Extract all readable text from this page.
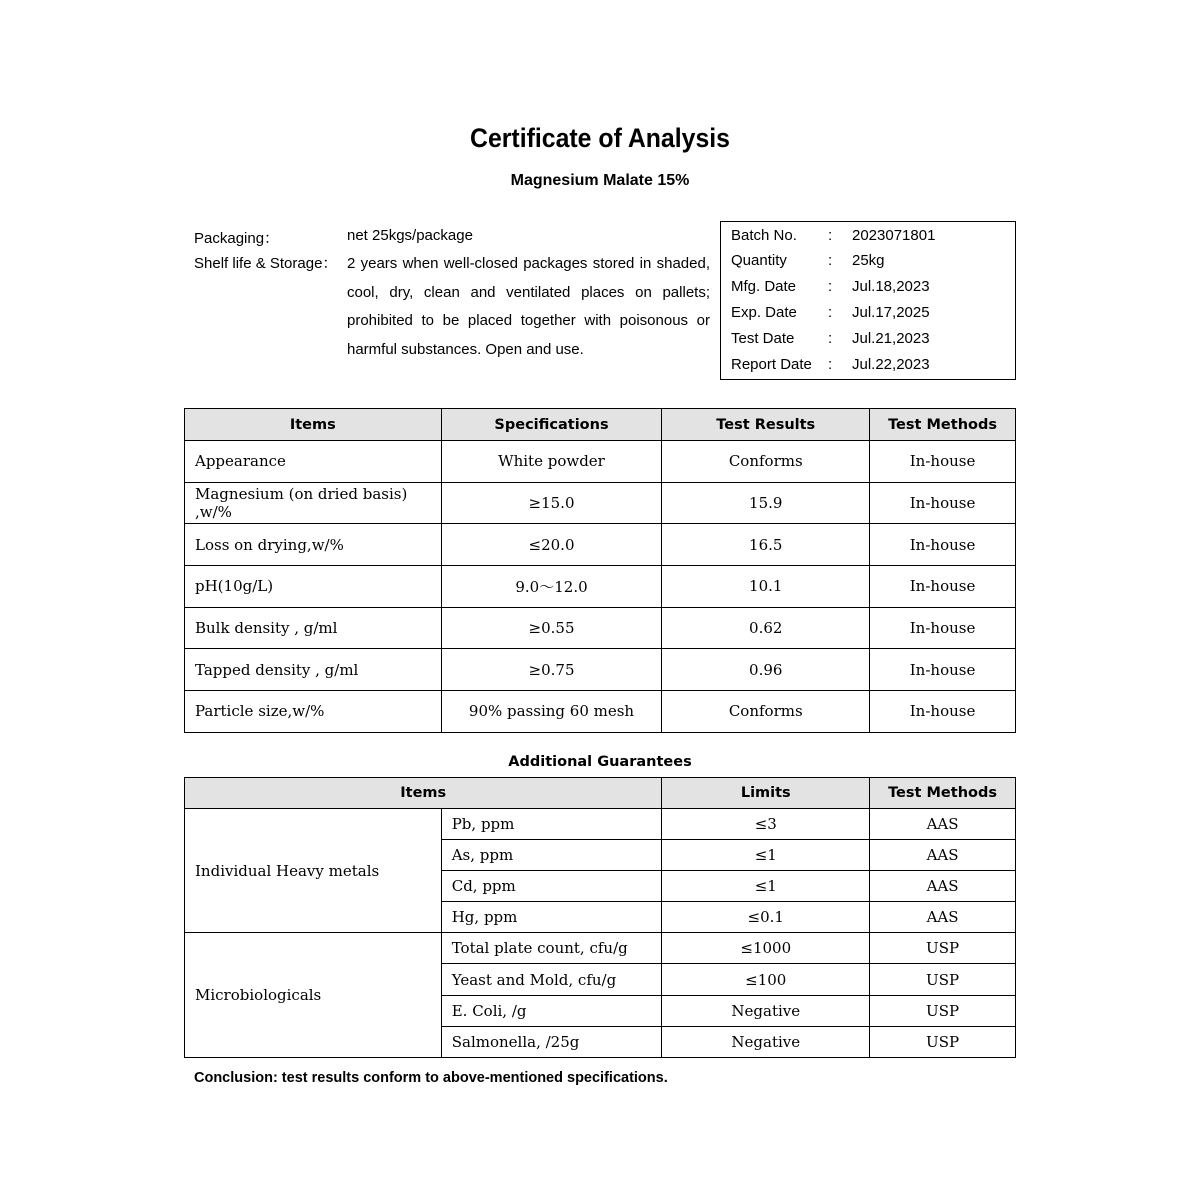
Certificate of Analysis
Magnesium Malate 15%
Packaging：	net 25kgs/package
Shelf life & Storage： 2 years when well-closed packages stored in shaded, cool, dry, clean and ventilated places on pallets; prohibited to be placed together with poisonous or harmful substances. Open and use.
Batch No. : 2023071801
Quantity	: 25kg
Mfg. Date : Jul.18,2023
Exp. Date : Jul.17,2025
Test Date : Jul.21,2023
Report Date : Jul.22,2023
Items	Specifications	Test Results	Test Methods
Appearance	White powder	Conforms	In-house
Magnesium (on dried basis) ,w/%	≥15.0	15.9	In-house
Loss on drying,w/%	≤20.0	16.5	In-house
pH(10g/L)	9.0～12.0	10.1	In-house
Bulk density , g/ml	≥0.55	0.62	In-house
Tapped density , g/ml	≥0.75	0.96	In-house
Particle size,w/%	90% passing 60 mesh	Conforms	In-house
Additional Guarantees
Items		Limits	Test Methods
Individual Heavy metals	Pb, ppm	≤3	AAS
	As, ppm	≤1	AAS
	Cd, ppm	≤1	AAS
	Hg, ppm	≤0.1	AAS
Microbiologicals	Total plate count, cfu/g	≤1000	USP
	Yeast and Mold, cfu/g	≤100	USP
	E. Coli, /g	Negative	USP
	Salmonella, /25g	Negative	USP
Conclusion: test results conform to above-mentioned specifications.
